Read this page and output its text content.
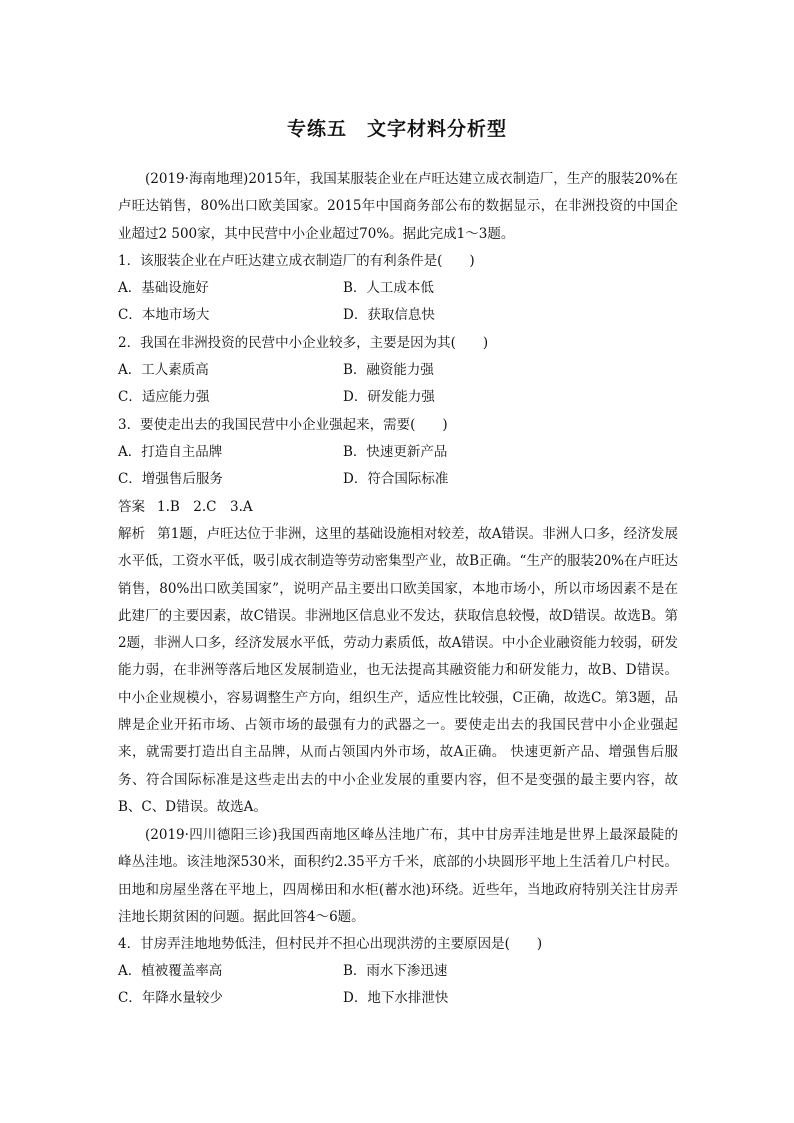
专练五　文字材料分析型
(2019·海南地理)2015年，我国某服装企业在卢旺达建立成衣制造厂，生产的服装20%在卢旺达销售，80%出口欧美国家。2015年中国商务部公布的数据显示，在非洲投资的中国企业超过2 500家，其中民营中小企业超过70%。据此完成1～3题。
1．该服装企业在卢旺达建立成衣制造厂的有利条件是(　　)
A．基础设施好	B．人工成本低
C．本地市场大	D．获取信息快
2．我国在非洲投资的民营中小企业较多，主要是因为其(　　)
A．工人素质高	B．融资能力强
C．适应能力强	D．研发能力强
3．要使走出去的我国民营中小企业强起来，需要(　　)
A．打造自主品牌	B．快速更新产品
C．增强售后服务	D．符合国际标准
答案 1.B　2.C　3.A
解析 第1题，卢旺达位于非洲，这里的基础设施相对较差，故A错误。非洲人口多，经济发展水平低，工资水平低，吸引成衣制造等劳动密集型产业，故B正确。“生产的服装20%在卢旺达销售，80%出口欧美国家”，说明产品主要出口欧美国家，本地市场小，所以市场因素不是在此建厂的主要因素，故C错误。非洲地区信息业不发达，获取信息较慢，故D错误。故选B。第2题，非洲人口多，经济发展水平低，劳动力素质低，故A错误。中小企业融资能力较弱，研发能力弱，在非洲等落后地区发展制造业，也无法提高其融资能力和研发能力，故B、D错误。中小企业规模小，容易调整生产方向，组织生产，适应性比较强，C正确，故选C。第3题，品牌是企业开拓市场、占领市场的最强有力的武器之一。要使走出去的我国民营中小企业强起来，就需要打造出自主品牌，从而占领国内外市场，故A正确。 快速更新产品、增强售后服务、符合国际标准是这些走出去的中小企业发展的重要内容，但不是变强的最主要内容，故B、C、D错误。故选A。
(2019·四川德阳三诊)我国西南地区峰丛洼地广布，其中甘房弄洼地是世界上最深最陡的峰丛洼地。该洼地深530米，面积约2.35平方千米，底部的小块圆形平地上生活着几户村民。田地和房屋坐落在平地上，四周梯田和水柜(蓄水池)环绕。近些年，当地政府特别关注甘房弄洼地长期贫困的问题。据此回答4～6题。
4．甘房弄洼地地势低洼，但村民并不担心出现洪涝的主要原因是(　　)
A．植被覆盖率高	B．雨水下渗迅速
C．年降水量较少	D．地下水排泄快
